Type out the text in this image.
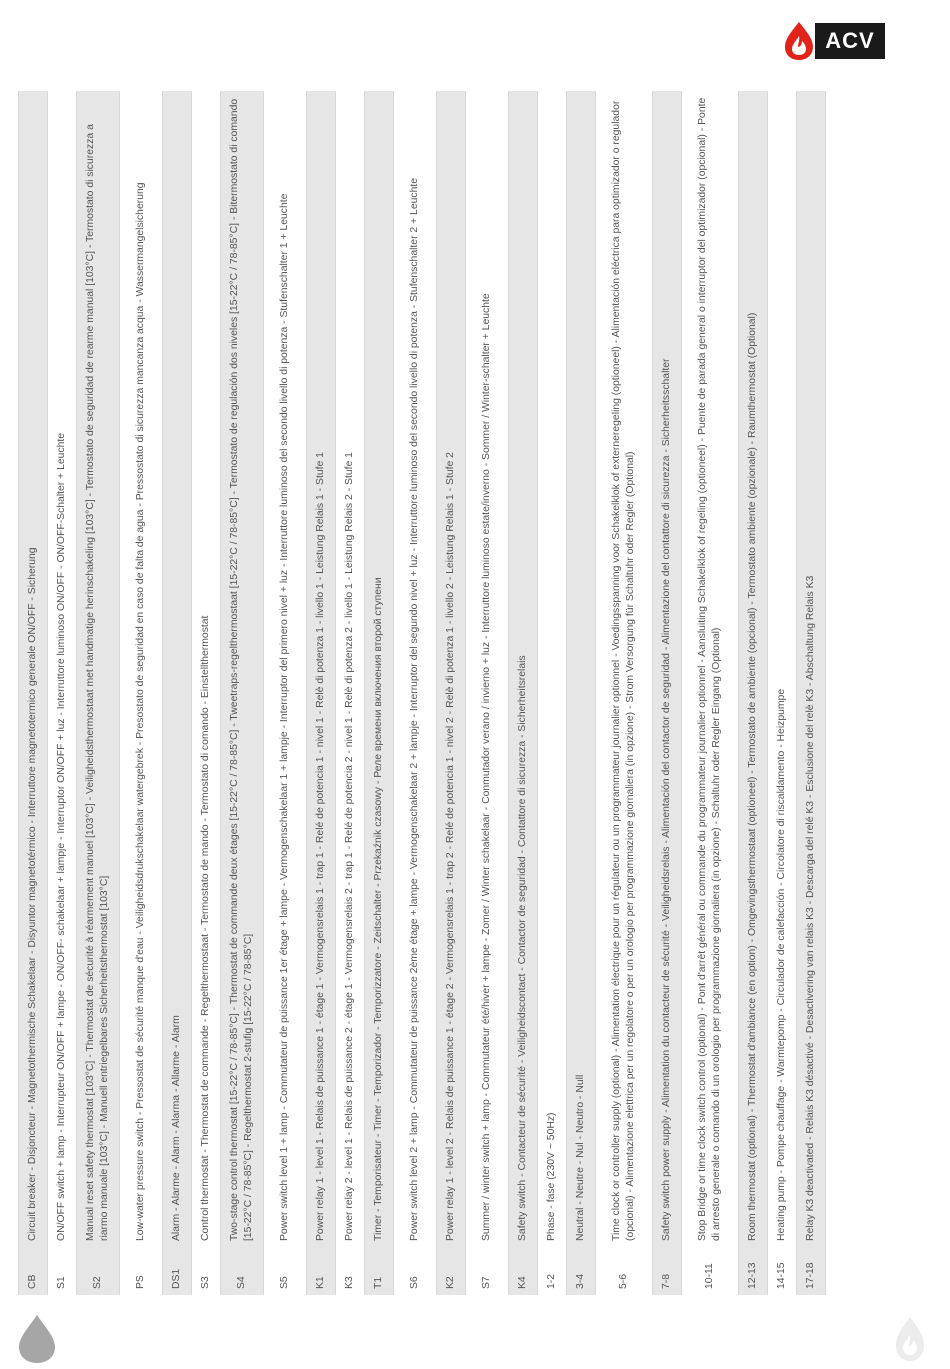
ACV
CB	Circuit breaker - Disjoncteur - Magnetothermische Schakelaar - Disyuntor magnetotérmico - Interruttore magnetotermico generale ON/OFF - Sicherung
S1	ON/OFF switch + lamp - Interrupteur ON/OFF + lampe - ON/OFF- schakelaar + lampje - Interruptor ON/OFF + luz - Interruttore luminoso ON/OFF - ON/OFF-Schalter + Leuchte
S2	Manual reset safety thermostat [103°C] - Thermostat de sécurité à réarmement manuel [103°C] - Veiligheidsthermostaat met handmatige herinschakeling [103°C] - Termostato de seguridad de rearme manual [103°C] - Termostato di sicurezza a riarmo manuale [103°C] - Manuell entriegelbares Sicherheitsthermostat [103°C]
PS	Low-water pressure switch - Pressostat de sécurité manque d'eau - Veiligheidsdrukschakelaar watergebrek - Presostato de seguridad en caso de falta de agua - Pressostato di sicurezza mancanza acqua - Wassermangelsicherung
DS1	Alarm - Alarme - Alarm - Alarma - Allarme - Alarm
S3	Control thermostat - Thermostat de commande - Regelthermostaat - Termostato de mando - Termostato di comando - Einstellthermostat
S4	Two-stage control thermostat [15-22°C / 78-85°C] - Thermostat de commande deux étages [15-22°C / 78-85°C] - Tweetraps-regelthermostaat [15-22°C / 78-85°C] - Termostato de regulación dos niveles [15-22°C / 78-85°C] - Bitermostato di comando [15-22°C / 78-85°C] - Regelthermostat 2-stufig [15-22°C / 78-85°C]
S5	Power switch level 1 + lamp - Commutateur de puissance 1er étage + lampe - Vermogenschakelaar 1 + lampje - Interruptor del primero nivel + luz - Interruttore luminoso del secondo livello di potenza - Stufenschalter 1 + Leuchte
K1	Power relay 1 - level 1 - Relais de puissance 1 - étage 1 - Vermogensrelais 1 - trap 1 - Relé de potencia 1 - nivel 1 - Relè di potenza 1 - livello 1 - Leistung Relais 1 - Stufe 1
K3	Power relay 2 - level 1 - Relais de puissance 2 - étage 1 - Vermogensrelais 2 - trap 1 - Relé de potencia 2 - nivel 1 - Relè di potenza 2 - livello 1 - Leistung Relais 2 - Stufe 1
T1	Timer - Temporisateur - Timer - Temporizador - Temporizzatore - Zeitschalter - Przekaźnik czasowy - Реле времени включения второй ступени
S6	Power switch level 2 + lamp - Commutateur de puissance 2ème étage + lampe - Vermogenschakelaar 2 + lampje - Interruptor del segundo nivel + luz - Interruttore luminoso del secondo livello di potenza - Stufenschalter 2 + Leuchte
K2	Power relay 1 - level 2 - Relais de puissance 1 - étage 2 - Vermogensrelais 1 - trap 2 - Relé de potencia 1 - nivel 2 - Relè di potenza 1 - livello 2 - Leistung Relais 1 - Stufe 2
S7	Summer / winter switch + lamp - Commutateur été/hiver + lampe - Zomer / Winter schakelaar - Conmutador verano / invierno + luz - Interruttore luminoso estate/inverno - Sommer / Winter-schalter + Leuchte
K4	Safety switch - Contacteur de sécurité - Veiligheidscontact - Contactor de seguridad - Contattore di sicurezza - Sicherheitsrelais
1-2	Phase - fase (230V ~ 50Hz)
3-4	Neutral - Neutre - Nul - Neutro - Null
5-6	Time clock or controller supply (optional) - Alimentation électrique pour un régulateur ou un programmateur journalier optionnel - Voedingsspanning voor Schakelklok of externeregeling (optioneel) - Alimentación eléctrica para optimizador o regulador (opcional) - Alimentazione elettrica per un regolatore o per un orologio per programmazione giornaliera (in opzione) - Strom Versorgung für Schaltuhr oder Regler (Optional)
7-8	Safety switch power supply - Alimentation du contacteur de sécurité - Veiligheidsrelais - Alimentación del contactor de seguridad - Alimentazione del contattore di sicurezza - Sicherheitsschalter
10-11	Stop Bridge or time clock switch control (optional) - Pont d'arrêt général ou commande du programmateur journalier optionnel - Aansluiting Schakelklok of regeling (optioneel) - Puente de parada general o interruptor del optimizador (opcional) - Ponte di arresto generale o comando di un orologio per programmazione giornaliera (in opzione) - Schaltuhr oder Regler Eingang (Optional)
12-13	Room thermostat (optional) - Thermostat d'ambiance (en option) - Omgevingsthermostaat (optioneel) - Termostato de ambiente (opcional) - Termostato ambiente (opzionale) - Raumthermostat (Optional)
14-15	Heating pump - Pompe chauffage - Warmtepomp - Circulador de calefacción - Circolatore di riscaldamento - Heizpumpe
17-18	Relay K3 deactivated - Relais K3 désactivé - Desactivering van relais K3 - Descarga del relé K3 - Esclusione del relè K3 - Abschaltung Relais K3
